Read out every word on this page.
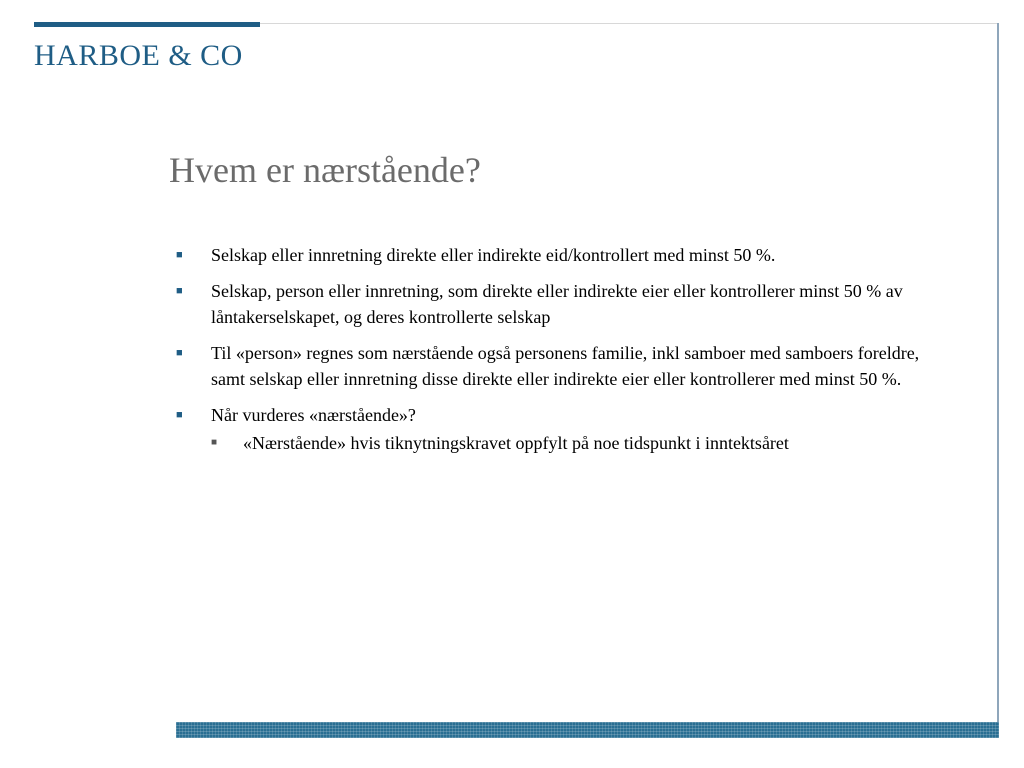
HARBOE & CO
Hvem er nærstående?
■	Selskap eller innretning direkte eller indirekte eid/kontrollert med minst 50 %.
■	Selskap, person eller innretning, som direkte eller indirekte eier eller kontrollerer minst 50 % av låntakerselskapet, og deres kontrollerte selskap
■	Til «person» regnes som nærstående også personens familie, inkl samboer med samboers foreldre, samt selskap eller innretning disse direkte eller indirekte eier eller kontrollerer med minst 50 %.
■	Når vurderes «nærstående»?
■	«Nærstående» hvis tiknytningskravet oppfylt på noe tidspunkt i inntektsåret
